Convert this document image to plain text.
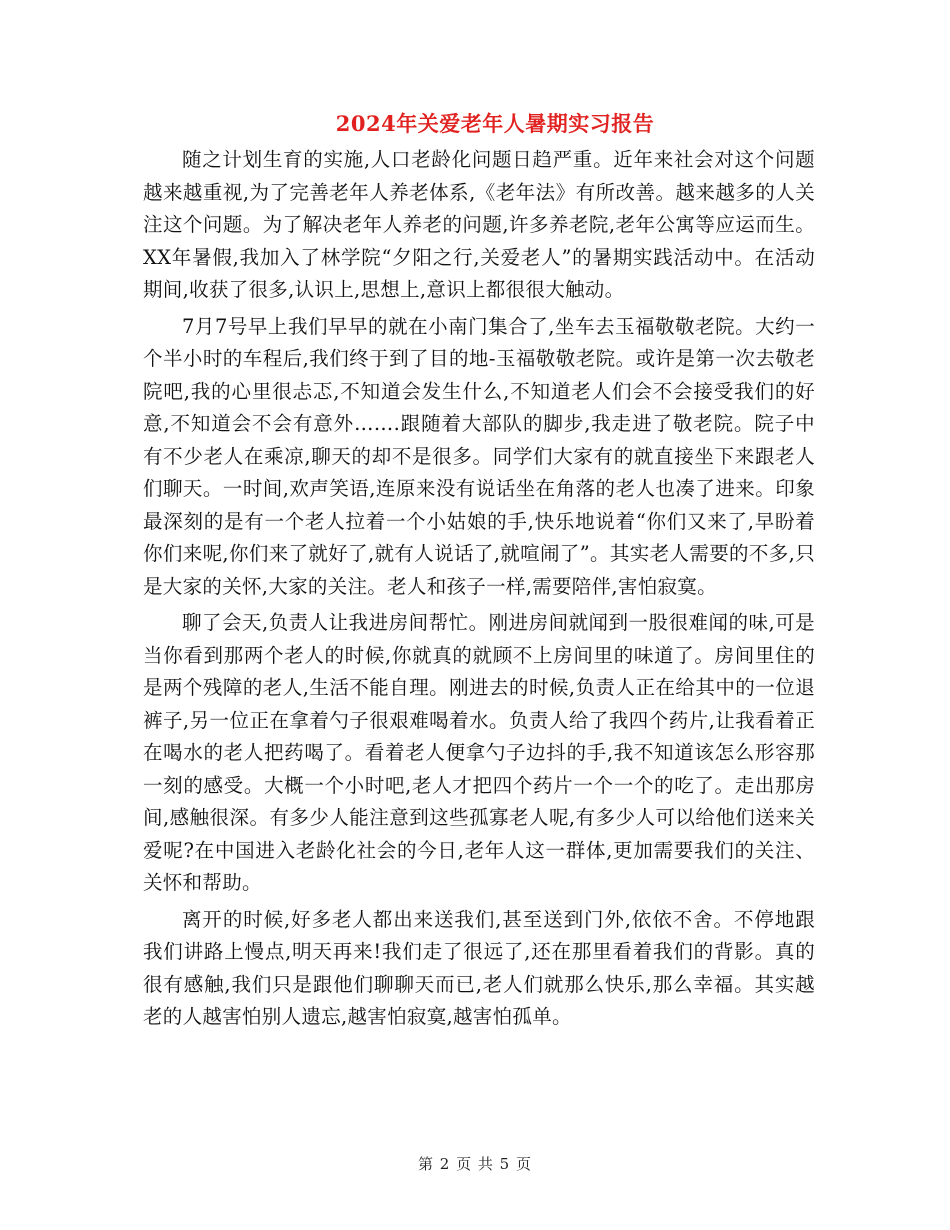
2024年关爱老年人暑期实习报告

随之计划生育的实施,人口老龄化问题日趋严重。近年来社会对这个问题越来越重视,为了完善老年人养老体系,《老年法》有所改善。越来越多的人关注这个问题。为了解决老年人养老的问题,许多养老院,老年公寓等应运而生。XX年暑假,我加入了林学院“夕阳之行,关爱老人”的暑期实践活动中。在活动期间,收获了很多,认识上,思想上,意识上都很很大触动。

7月7号早上我们早早的就在小南门集合了,坐车去玉福敬敬老院。大约一个半小时的车程后,我们终于到了目的地-玉福敬敬老院。或许是第一次去敬老院吧,我的心里很忐忑,不知道会发生什么,不知道老人们会不会接受我们的好意,不知道会不会有意外…….跟随着大部队的脚步,我走进了敬老院。院子中有不少老人在乘凉,聊天的却不是很多。同学们大家有的就直接坐下来跟老人们聊天。一时间,欢声笑语,连原来没有说话坐在角落的老人也凑了进来。印象最深刻的是有一个老人拉着一个小姑娘的手,快乐地说着“你们又来了,早盼着你们来呢,你们来了就好了,就有人说话了,就喧闹了”。其实老人需要的不多,只是大家的关怀,大家的关注。老人和孩子一样,需要陪伴,害怕寂寞。

聊了会天,负责人让我进房间帮忙。刚进房间就闻到一股很难闻的味,可是当你看到那两个老人的时候,你就真的就顾不上房间里的味道了。房间里住的是两个残障的老人,生活不能自理。刚进去的时候,负责人正在给其中的一位退裤子,另一位正在拿着勺子很艰难喝着水。负责人给了我四个药片,让我看着正在喝水的老人把药喝了。看着老人便拿勺子边抖的手,我不知道该怎么形容那一刻的感受。大概一个小时吧,老人才把四个药片一个一个的吃了。走出那房间,感触很深。有多少人能注意到这些孤寡老人呢,有多少人可以给他们送来关爱呢?在中国进入老龄化社会的今日,老年人这一群体,更加需要我们的关注、关怀和帮助。

离开的时候,好多老人都出来送我们,甚至送到门外,依依不舍。不停地跟我们讲路上慢点,明天再来!我们走了很远了,还在那里看着我们的背影。真的很有感触,我们只是跟他们聊聊天而已,老人们就那么快乐,那么幸福。其实越老的人越害怕别人遗忘,越害怕寂寞,越害怕孤单。

第 2 页 共 5 页
